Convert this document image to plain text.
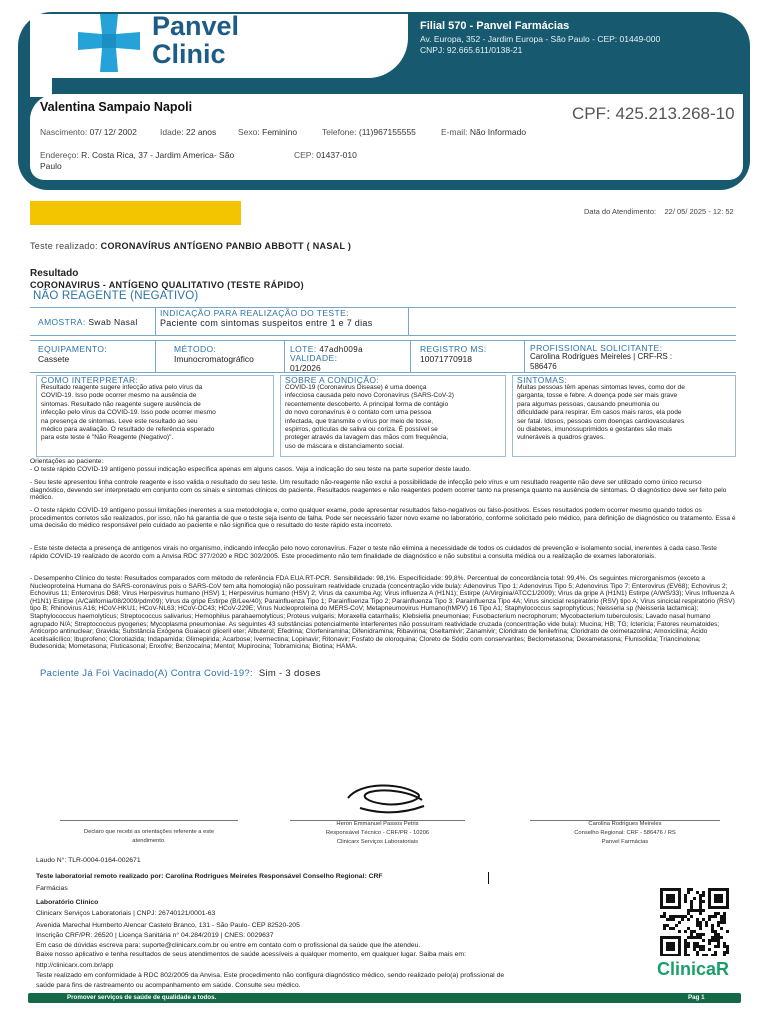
Panvel
Clinic
Filial 570 - Panvel Farmácias
Av. Europa, 352 - Jardim Europa - São Paulo - CEP: 01449-000
CNPJ: 92.665.611/0138-21
Valentina Sampaio Napoli	CPF: 425.213.268-10
Nascimento: 07/ 12/ 2002	Idade: 22 anos	Sexo: Feminino	Telefone: (11)967155555	E-mail: Não Informado
Endereço: R. Costa Rica, 37 - Jardim America- São
Paulo
CEP: 01437-010
Data do Atendimento: 22/ 05/ 2025 - 12: 52
Teste realizado: CORONAVÍRUS ANTÍGENO PANBIO ABBOTT ( NASAL )
Resultado
CORONAVIRUS - ANTÍGENO QUALITATIVO (TESTE RÁPIDO)
NÃO REAGENTE (NEGATIVO)
AMOSTRA: Swab Nasal
INDICAÇÃO PARA REALIZAÇÃO DO TESTE:
Paciente com sintomas suspeitos entre 1 e 7 dias
EQUIPAMENTO:
Cassete
MÉTODO:
Imunocromatográfico
LOTE: 47adh009a
VALIDADE:
01/2026
REGISTRO MS:
10071770918
PROFISSIONAL SOLICITANTE:
Carolina Rodrigues Meireles | CRF-RS :
586476
COMO INTERPRETAR:	SOBRE A CONDIÇÃO:	SINTOMAS:
Resultado reagente sugere infecção ativa pelo vírus da
COVID-19. Isso pode ocorrer mesmo na ausência de
sintomas. Resultado não reagente sugere ausência de
infecção pelo vírus da COVID-19. Isso pode ocorrer mesmo
na presença de sintomas. Leve este resultado ao seu
médico para avaliação. O resultado de referência esperado
para este teste é "Não Reagente (Negativo)".
COVID-19 (Coronavirus Disease) é uma doença
infecciosa causada pelo novo Coronavírus (SARS-CoV-2)
recentemente descoberto. A principal forma de contágio
do novo coronavírus é o contato com uma pessoa
infectada, que transmite o vírus por meio de tosse,
espirros, gotículas de saliva ou coriza. É possível se
proteger através da lavagem das mãos com frequência,
uso de máscara e distanciamento social.
Muitas pessoas têm apenas sintomas leves, como dor de
garganta, tosse e febre. A doença pode ser mais grave
para algumas pessoas, causando pneumonia ou
dificuldade para respirar. Em casos mais raros, ela pode
ser fatal. Idosos, pessoas com doenças cardiovasculares
ou diabetes, imunossuprimidos e gestantes são mais
vulneráveis a quadros graves.
Orientações ao paciente:
- O teste rápido COVID-19 antígeno possui indicação específica apenas em alguns casos. Veja a indicação do seu teste na parte superior deste laudo.
- Seu teste apresentou linha controle reagente e isso valida o resultado do seu teste. Um resultado não-reagente não exclui a possibilidade de infecção pelo vírus e um resultado reagente não deve ser utilizado como único recurso diagnóstico, devendo ser interpretado em conjunto com os sinais e sintomas clínicos do paciente. Resultados reagentes e não reagentes podem ocorrer tanto na presença quanto na ausência de sintomas. O diagnóstico deve ser feito pelo médico.
- O teste rápido COVID-19 antígeno possui limitações inerentes a sua metodologia e, como qualquer exame, pode apresentar resultados falso-negativos ou falso-positivos. Esses resultados podem ocorrer mesmo quando todos os procedimentos corretos são realizados, por isso, não há garantia de que o teste seja isento de falha. Pode ser necessário fazer novo exame no laboratório, conforme solicitado pelo médico, para definição de diagnóstico ou tratamento. Essa é uma decisão do médico responsável pelo cuidado ao paciente e não significa que o resultado do teste rápido esta incorreto.
- Este teste detecta a presença de antígenos virais no organismo, indicando infecção pelo novo coronavírus. Fazer o teste não elimina a necessidade de todos os cuidados de prevenção e isolamento social, inerentes à cada caso.Teste rápido COVID-19 realizado de acordo com a Anvisa RDC 377/2020 e RDC 302/2005. Este procedimento não tem finalidade de diagnóstico e não substitui a consulta médica ou a realização de exames laboratoriais.
- Desempenho Clínico do teste: Resultados comparados com método de referência FDA EUA RT-PCR. Sensibilidade: 98,1%. Especificidade: 99,8%. Percentual de concordância total: 99,4%. Os seguintes microrganismos (exceto a Nucleoproteína Humana do SARS-coronavírus pois o SARS-CoV tem alta homologia) não possuíram reatividade cruzada (concentração vide bula): Adenovirus Tipo 1; Adenovirus Tipo 5; Adenovirus Tipo 7; Enterovirus (EV68); Echovirus 2; Echovirus 11; Enterovirus D68; Virus Herpesvirus humano (HSV) 1; Herpesvirus humano (HSV) 2; Virus da caxumba Ag; Virus influenza A (H1N1); Estirpe (A/Virginia/ATCC1/2009); Virus da gripe A (H1N1) Estirpe (A/WS/33); Virus Influenza A (H1N1) Estirpe (A/California/08/2009/pdm09); Virus da gripe Estirpe (B/Lee/40); Parainfluenza Tipo 1; Parainfluenza Tipo 2; Parainfluenza Tipo 3; Parainfluenza Tipo 4A; Virus sincicial respiratório (RSV) tipo A; Virus sincicial respiratório (RSV) tipo B; Rhinovirus A16; HCoV-HKU1; HCoV-NL63; HCoV-OC43; HCoV-229E; Virus Nucleoproteina do MERS-CoV; Metapneumovirus Humano(hMPV) 16 Tipo A1; Staphylococcus saprophyticus; Neisseria sp (Neisseria lactamica); Staphylococcus haemolyticus; Streptococcus salivarius; Hemophilus parahaemolyticus; Proteus vulgaris; Moraxella catarrhalis; Klebsiella pneumoniae; Fusobacterium necrophorum; Mycobacterium tuberculosis; Lavado nasal humano agrupado N/A; Streptococcus pyogenes; Mycoplasma pneumoniae. As seguintes 43 substâncias potencialmente interferentes não possuíram reatividade cruzada (concentração vide bula): Mucina; HB; TG; Icterícia; Fatores reumatoides; Anticorpo antinuclear; Gravida; Substância Exógena Guaiacol gliceril eter; Albuterol; Efedrina; Clorfeniramina; Difenidramina; Ribavirina; Oseltamivir; Zanamivir; Cloridrato de fenilefrina; Cloridrato de oximetazolina; Amoxicilina; Ácido acetilsalicílico; Ibuprofeno; Clorotiazida; Indapamida; Glimepirida; Acarbose; Ivermectina; Lopinavir; Ritonavir; Fosfato de oloroquina; Cloreto de Sódio com conservantes; Beclometasona; Dexametasona; Flunisolida; Triancinolona; Budesonida; Mometasona; Fluticasonal; Enxofre; Benzocaína; Mentol; Mupirocina; Tobramicina; Biotina; HAMA.
Paciente Já Foi Vacinado(A) Contra Covid-19?: Sim - 3 doses
Declaro que recebi as orientações referente a este
atendimento.
Heron Emmanuel Passos Petris
Responsável Técnico - CRF/PR - 10206
Clinicarx Serviços Laboratoriais
Carolina Rodrigues Meireles
Conselho Regional: CRF - 586476 / RS
Panvel Farmácias
Laudo N°: TLR-0004-0164-002671
Teste laboratorial remoto realizado por: Carolina Rodrigues Meireles Responsável Conselho Regional: CRF
Farmácias
Laboratório Clínico
Clinicarx Serviços Laboratoriais | CNPJ: 26740121/0001-63
Avenida Marechal Humberto Alencar Castelo Branco, 131 - São Paulo- CEP 82520-205
Inscrição CRF/PR: 26520 | Licença Sanitária n° 04.284/2019 | CNES: 0029637
Em caso de dúvidas escreva para: suporte@clinicarx.com.br ou entre em contato com o profissional da saúde que lhe atendeu.
Baixe nosso aplicativo e tenha resultados de seus atendimentos de saúde acessíveis a qualquer momento, em qualquer lugar. Saiba mais em:
http://clinicarx.com.br/app
Teste realizado em conformidade à RDC 802/2005 da Anvisa. Este procedimento não configura diagnóstico médico, sendo realizado pelo(a) profissional de
saúde para fins de rastreamento ou acompanhamento em saúde. Consulte seu médico.
ClinicaR
Promover serviços de saúde de qualidade a todos.	Pag 1
